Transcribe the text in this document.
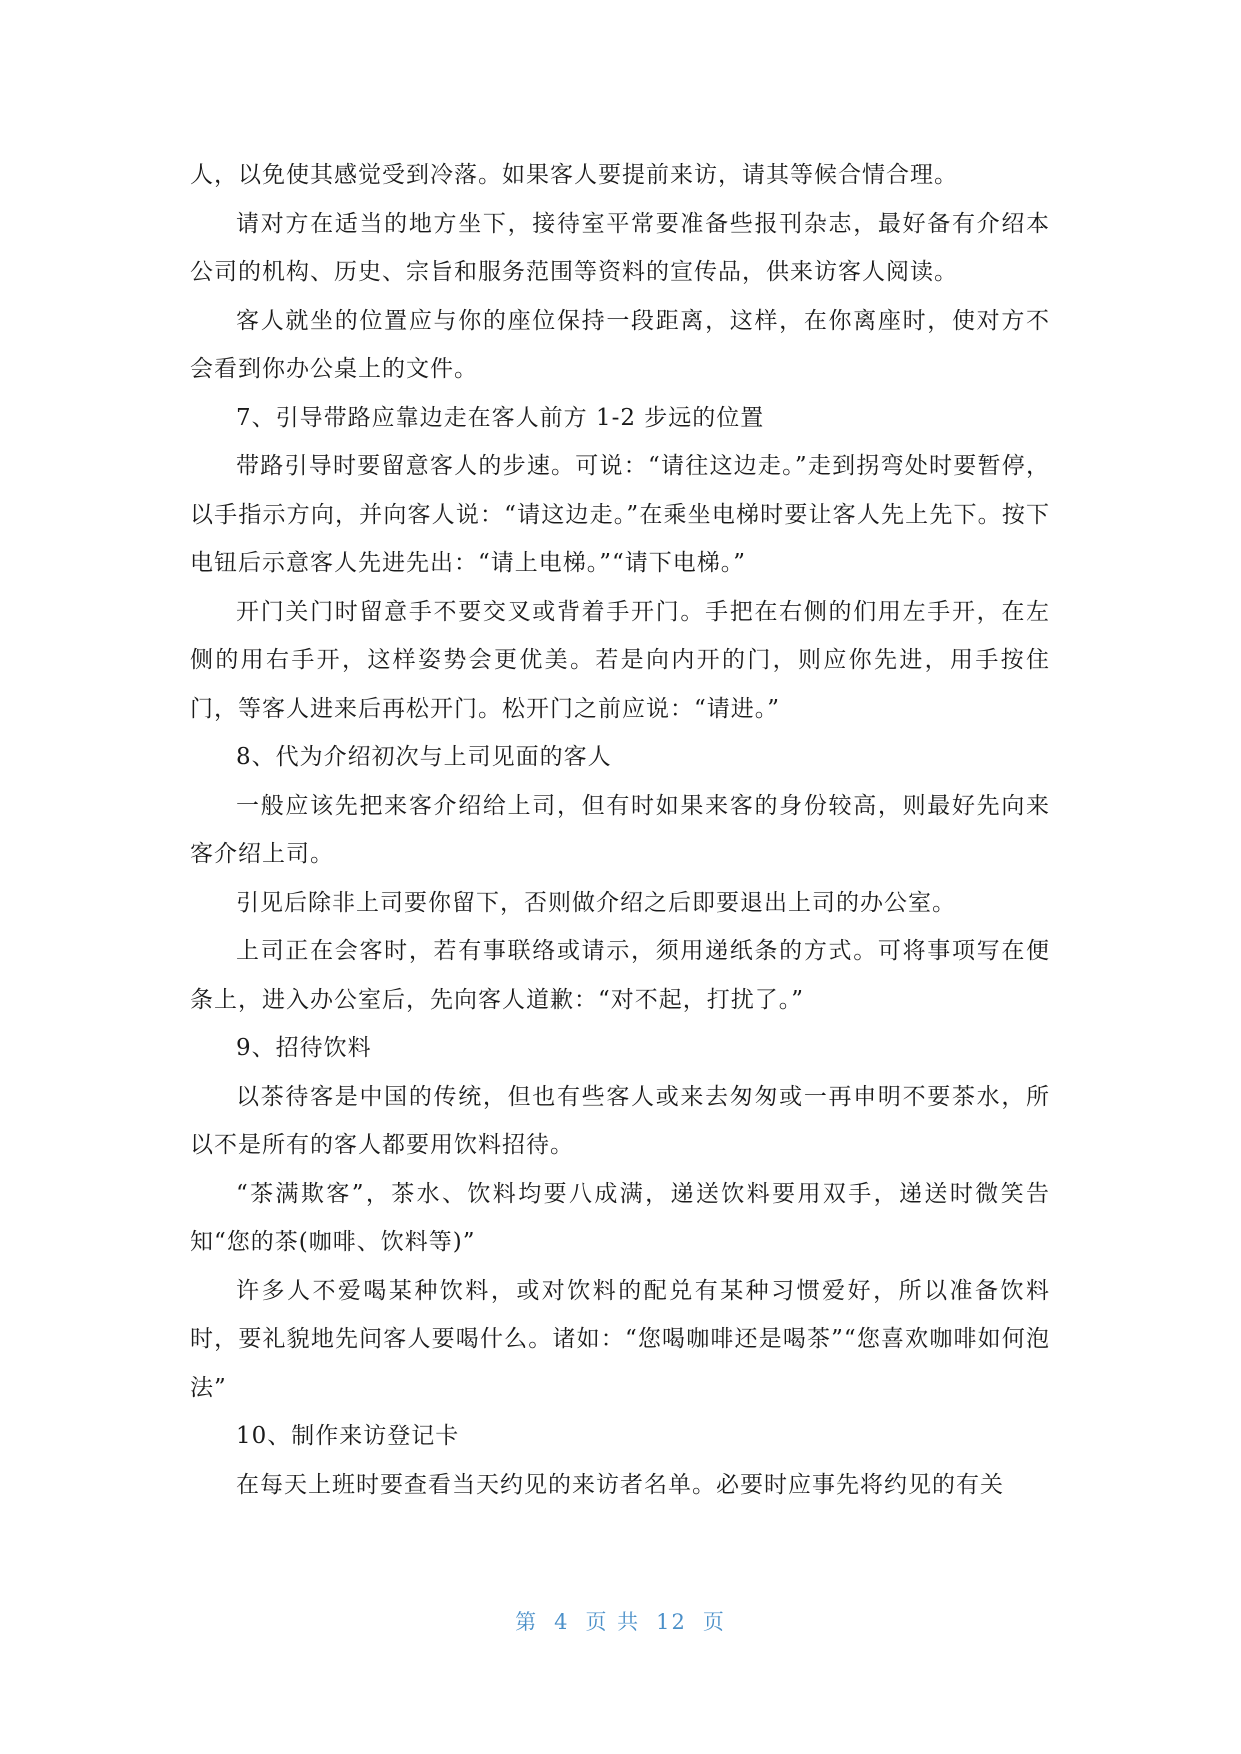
人，以免使其感觉受到冷落。如果客人要提前来访，请其等候合情合理。

请对方在适当的地方坐下，接待室平常要准备些报刊杂志，最好备有介绍本公司的机构、历史、宗旨和服务范围等资料的宣传品，供来访客人阅读。

客人就坐的位置应与你的座位保持一段距离，这样，在你离座时，使对方不会看到你办公桌上的文件。

7、引导带路应靠边走在客人前方 1-2 步远的位置

带路引导时要留意客人的步速。可说：“请往这边走。”走到拐弯处时要暂停，以手指示方向，并向客人说：“请这边走。”在乘坐电梯时要让客人先上先下。按下电钮后示意客人先进先出：“请上电梯。”“请下电梯。”

开门关门时留意手不要交叉或背着手开门。手把在右侧的们用左手开，在左侧的用右手开，这样姿势会更优美。若是向内开的门，则应你先进，用手按住门，等客人进来后再松开门。松开门之前应说：“请进。”

8、代为介绍初次与上司见面的客人

一般应该先把来客介绍给上司，但有时如果来客的身份较高，则最好先向来客介绍上司。

引见后除非上司要你留下，否则做介绍之后即要退出上司的办公室。

上司正在会客时，若有事联络或请示，须用递纸条的方式。可将事项写在便条上，进入办公室后，先向客人道歉：“对不起，打扰了。”

9、招待饮料

以茶待客是中国的传统，但也有些客人或来去匆匆或一再申明不要茶水，所以不是所有的客人都要用饮料招待。

“茶满欺客”，茶水、饮料均要八成满，递送饮料要用双手，递送时微笑告知“您的茶(咖啡、饮料等)”

许多人不爱喝某种饮料，或对饮料的配兑有某种习惯爱好，所以准备饮料时，要礼貌地先问客人要喝什么。诸如：“您喝咖啡还是喝茶”“您喜欢咖啡如何泡法”

10、制作来访登记卡

在每天上班时要查看当天约见的来访者名单。必要时应事先将约见的有关

第 4 页 共 12 页
